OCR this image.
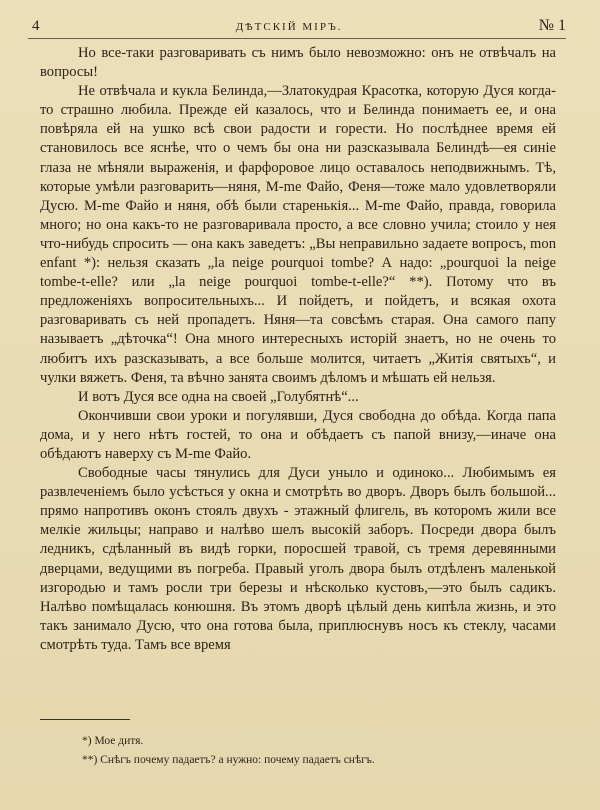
4	ДѢТСКІЙ МІРЪ.	№ 1

Но все-таки разговаривать съ нимъ было невозможно: онъ не отвѣчалъ на вопросы!

Не отвѣчала и кукла Белинда,—Златокудрая Красотка, которую Дуся когда-то страшно любила. Прежде ей казалось, что и Белинда понимаетъ ее, и она повѣряла ей на ушко всѣ свои радости и горести. Но послѣднее время ей становилось все яснѣе, что о чемъ бы она ни разсказывала Белиндѣ—ея синіе глаза не мѣняли выраженія, и фарфоровое лицо оставалось неподвижнымъ. Тѣ, которые умѣли разговарить—няня, M-me Файо, Феня—тоже мало удовлетворяли Дусю. M-me Файо и няня, обѣ были старенькія... M-me Файо, правда, говорила много; но она какъ-то не разговаривала просто, а все словно учила; стоило у нея что-нибудь спросить — она какъ заведетъ: „Вы неправильно задаете вопросъ, mon enfant *): нельзя сказать „la neige pourquoi tombe? А надо: „pourquoi la neige tombe-t-elle? или „la neige pourquoi tombe-t-elle?“ **). Потому что въ предложеніяхъ вопросительныхъ... И пойдетъ, и пойдетъ, и всякая охота разговаривать съ ней пропадетъ. Няня—та совсѣмъ старая. Она самого папу называетъ „дѣточка“! Она много интересныхъ исторій знаетъ, но не очень то любитъ ихъ разсказывать, а все больше молится, читаетъ „Житія святыхъ“, и чулки вяжетъ. Феня, та вѣчно занята своимъ дѣломъ и мѣшать ей нельзя.

И вотъ Дуся все одна на своей „Голубятнѣ“...

Окончивши свои уроки и погулявши, Дуся свободна до обѣда. Когда папа дома, и у него нѣтъ гостей, то она и обѣдаетъ съ папой внизу,—иначе она обѣдаютъ наверху съ M-me Файо.

Свободные часы тянулись для Дуси уныло и одиноко... Любимымъ ея развлеченіемъ было усѣсться у окна и смотрѣть во дворъ. Дворъ былъ большой... прямо напротивъ оконъ стоялъ двухъ - этажный флигель, въ которомъ жили все мелкіе жильцы; направо и налѣво шелъ высокій заборъ. Посреди двора былъ ледникъ, сдѣланный въ видѣ горки, поросшей травой, съ тремя деревянными дверцами, ведущими въ погреба. Правый уголъ двора былъ отдѣленъ маленькой изгородью и тамъ росли три березы и нѣсколько кустовъ,—это былъ садикъ. Налѣво помѣщалась конюшня. Въ этомъ дворѣ цѣлый день кипѣла жизнь, и это такъ занимало Дусю, что она готова была, приплюснувъ носъ къ стеклу, часами смотрѣть туда. Тамъ все время

*) Мое дитя.

**) Снѣгъ почему падаетъ? а нужно: почему падаетъ снѣгъ.
